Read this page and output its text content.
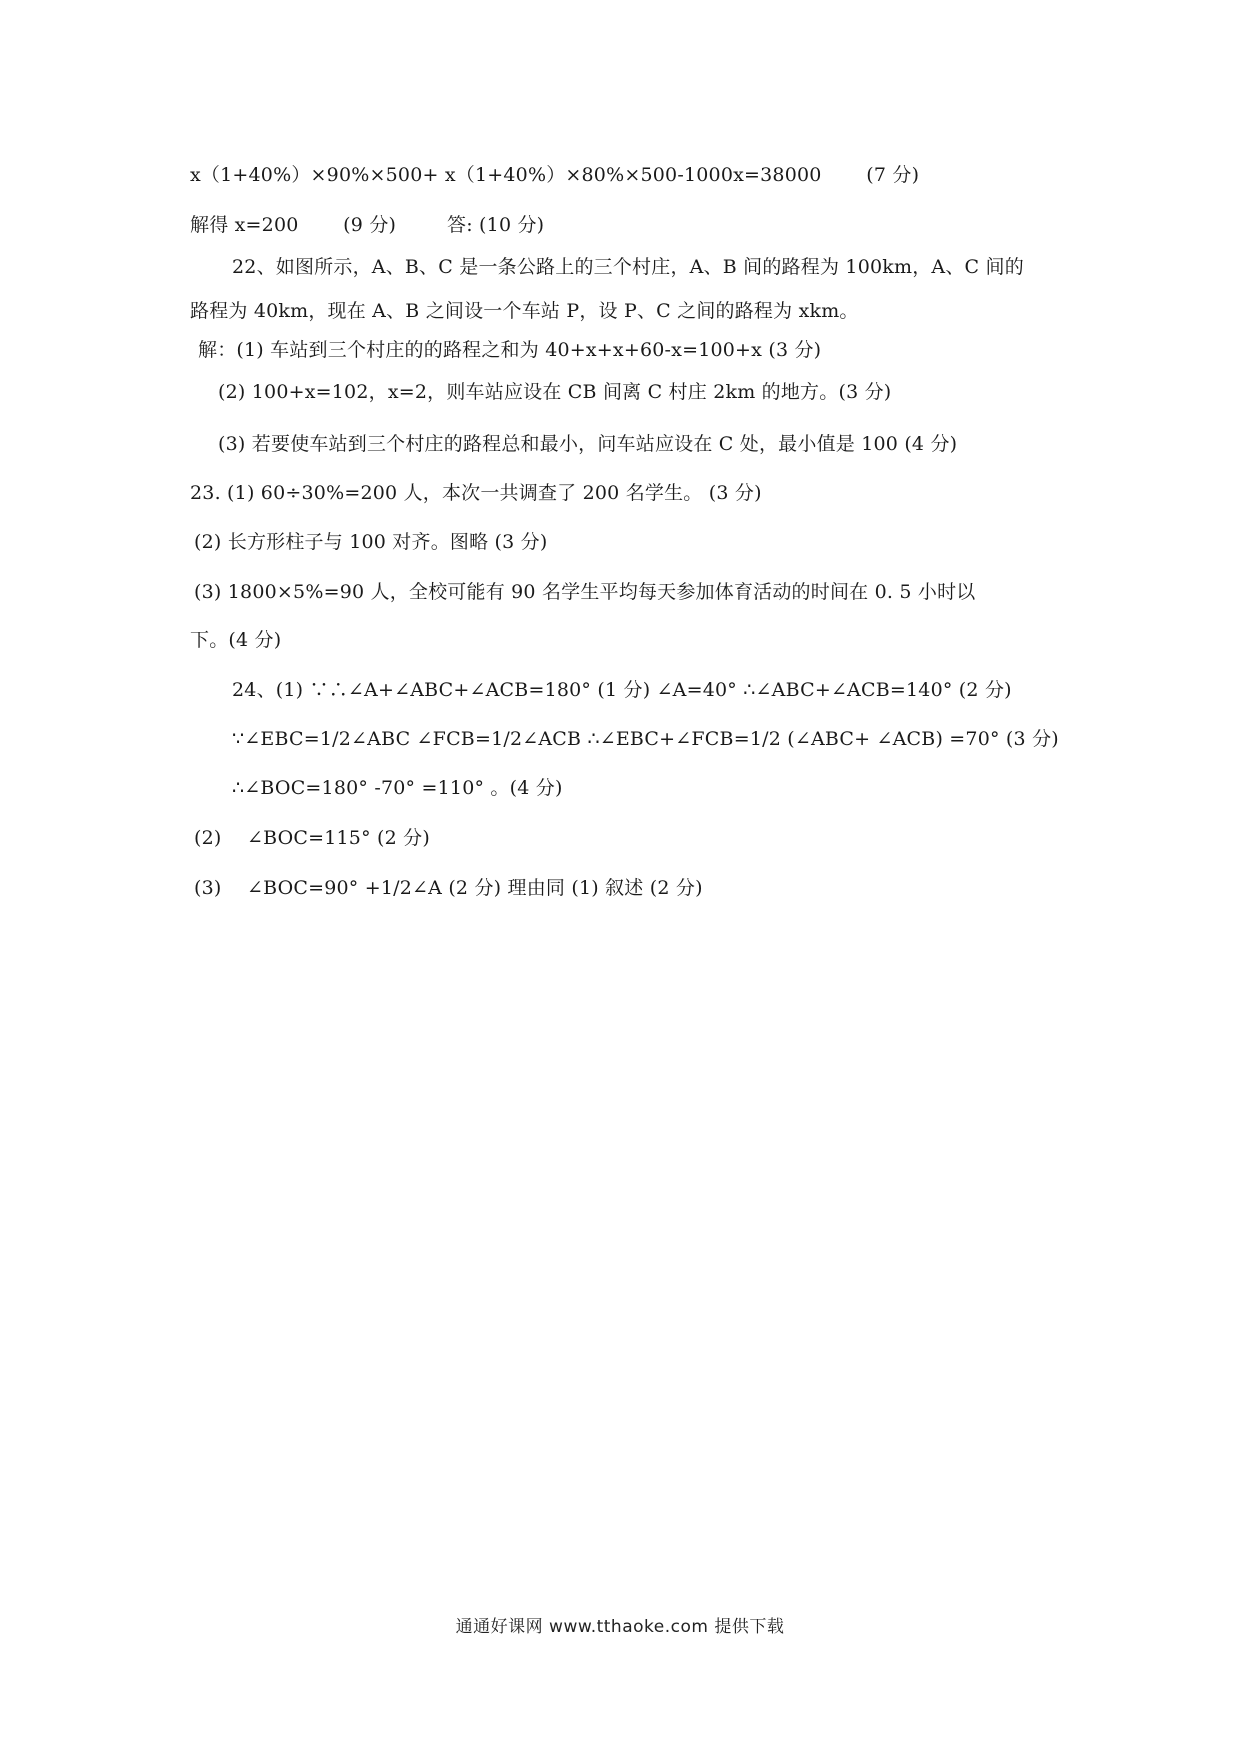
x（1+40%）×90%×500+ x（1+40%）×80%×500-1000x=38000 　　(7 分)
解得 x=200 　　(9 分) 　　 答: (10 分)
22、如图所示，A、B、C 是一条公路上的三个村庄，A、B 间的路程为 100km，A、C 间的
路程为 40km，现在 A、B 之间设一个车站 P，设 P、C 之间的路程为 xkm。
解：(1) 车站到三个村庄的的路程之和为 40+x+x+60-x=100+x (3 分)
(2) 100+x=102，x=2，则车站应设在 CB 间离 C 村庄 2km 的地方。(3 分)
(3) 若要使车站到三个村庄的路程总和最小，问车站应设在 C 处，最小值是 100 (4 分)
23. (1) 60÷30%=200 人，本次一共调查了 200 名学生。 (3 分)
(2) 长方形柱子与 100 对齐。图略 (3 分)
(3) 1800×5%=90 人，全校可能有 90 名学生平均每天参加体育活动的时间在 0. 5 小时以
下。(4 分)
24、(1) ∵∴∠A+∠ABC+∠ACB=180° (1 分) ∠A=40° ∴∠ABC+∠ACB=140° (2 分)
∵∠EBC=1/2∠ABC ∠FCB=1/2∠ACB ∴∠EBC+∠FCB=1/2 (∠ABC+ ∠ACB) =70° (3 分)
∴∠BOC=180° -70° =110° 。(4 分)
(2) 　∠BOC=115° (2 分)
(3) 　∠BOC=90° +1/2∠A (2 分) 理由同 (1) 叙述 (2 分)
通通好课网 www.tthaoke.com 提供下载
